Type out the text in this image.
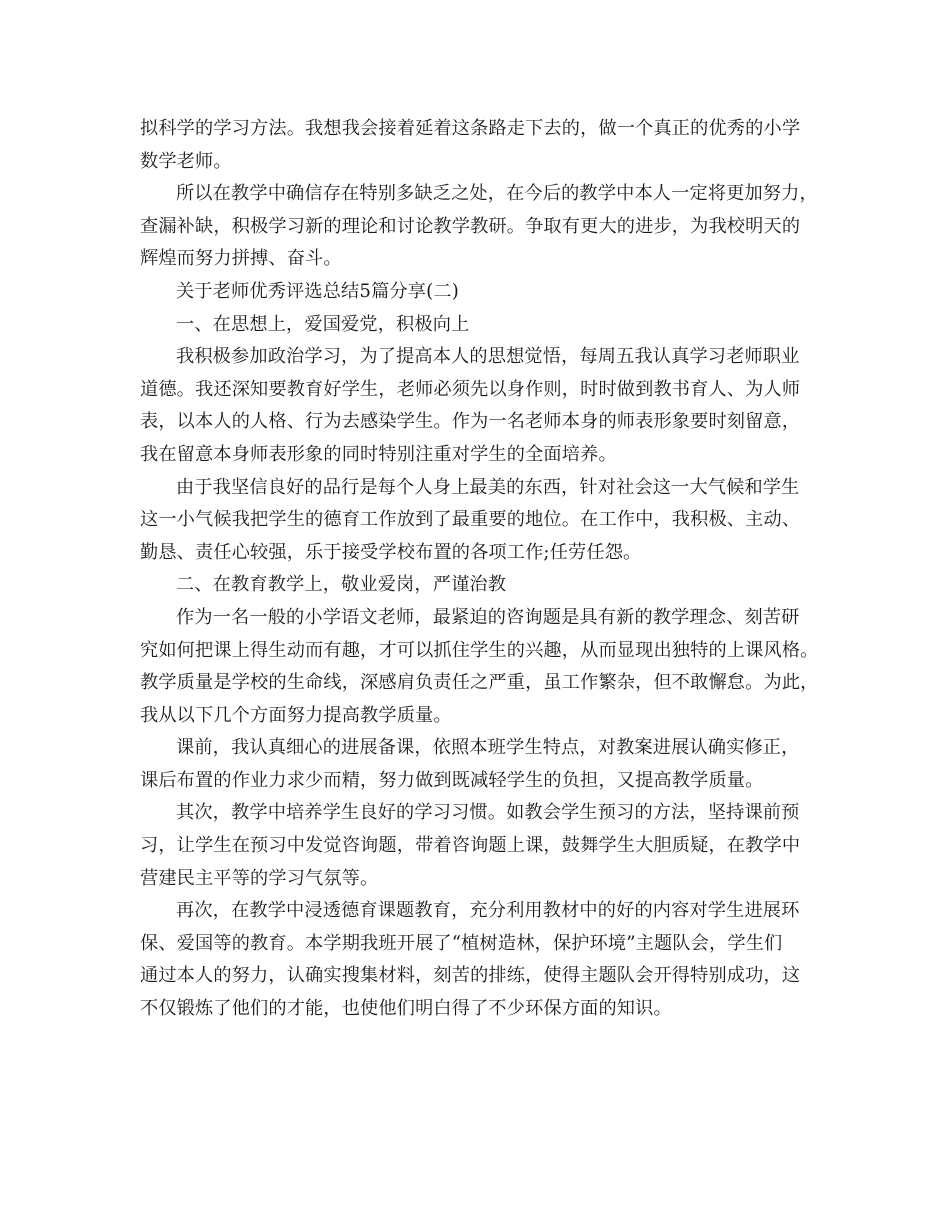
拟科学的学习方法。我想我会接着延着这条路走下去的，做一个真正的优秀的小学
数学老师。
所以在教学中确信存在特别多缺乏之处，在今后的教学中本人一定将更加努力，
查漏补缺，积极学习新的理论和讨论教学教研。争取有更大的进步，为我校明天的
辉煌而努力拼搏、奋斗。
关于老师优秀评选总结5篇分享(二)
一、在思想上，爱国爱党，积极向上
我积极参加政治学习，为了提高本人的思想觉悟，每周五我认真学习老师职业
道德。我还深知要教育好学生，老师必须先以身作则，时时做到教书育人、为人师
表，以本人的人格、行为去感染学生。作为一名老师本身的师表形象要时刻留意，
我在留意本身师表形象的同时特别注重对学生的全面培养。
由于我坚信良好的品行是每个人身上最美的东西，针对社会这一大气候和学生
这一小气候我把学生的德育工作放到了最重要的地位。在工作中，我积极、主动、
勤恳、责任心较强，乐于接受学校布置的各项工作;任劳任怨。
二、在教育教学上，敬业爱岗，严谨治教
作为一名一般的小学语文老师，最紧迫的咨询题是具有新的教学理念、刻苦研
究如何把课上得生动而有趣，才可以抓住学生的兴趣，从而显现出独特的上课风格。
教学质量是学校的生命线，深感肩负责任之严重，虽工作繁杂，但不敢懈怠。为此，
我从以下几个方面努力提高教学质量。
课前，我认真细心的进展备课，依照本班学生特点，对教案进展认确实修正，
课后布置的作业力求少而精，努力做到既减轻学生的负担，又提高教学质量。
其次，教学中培养学生良好的学习习惯。如教会学生预习的方法，坚持课前预
习，让学生在预习中发觉咨询题，带着咨询题上课，鼓舞学生大胆质疑，在教学中
营建民主平等的学习气氛等。
再次，在教学中浸透德育课题教育，充分利用教材中的好的内容对学生进展环
保、爱国等的教育。本学期我班开展了“植树造林，保护环境”主题队会，学生们
通过本人的努力，认确实搜集材料，刻苦的排练，使得主题队会开得特别成功，这
不仅锻炼了他们的才能，也使他们明白得了不少环保方面的知识。
